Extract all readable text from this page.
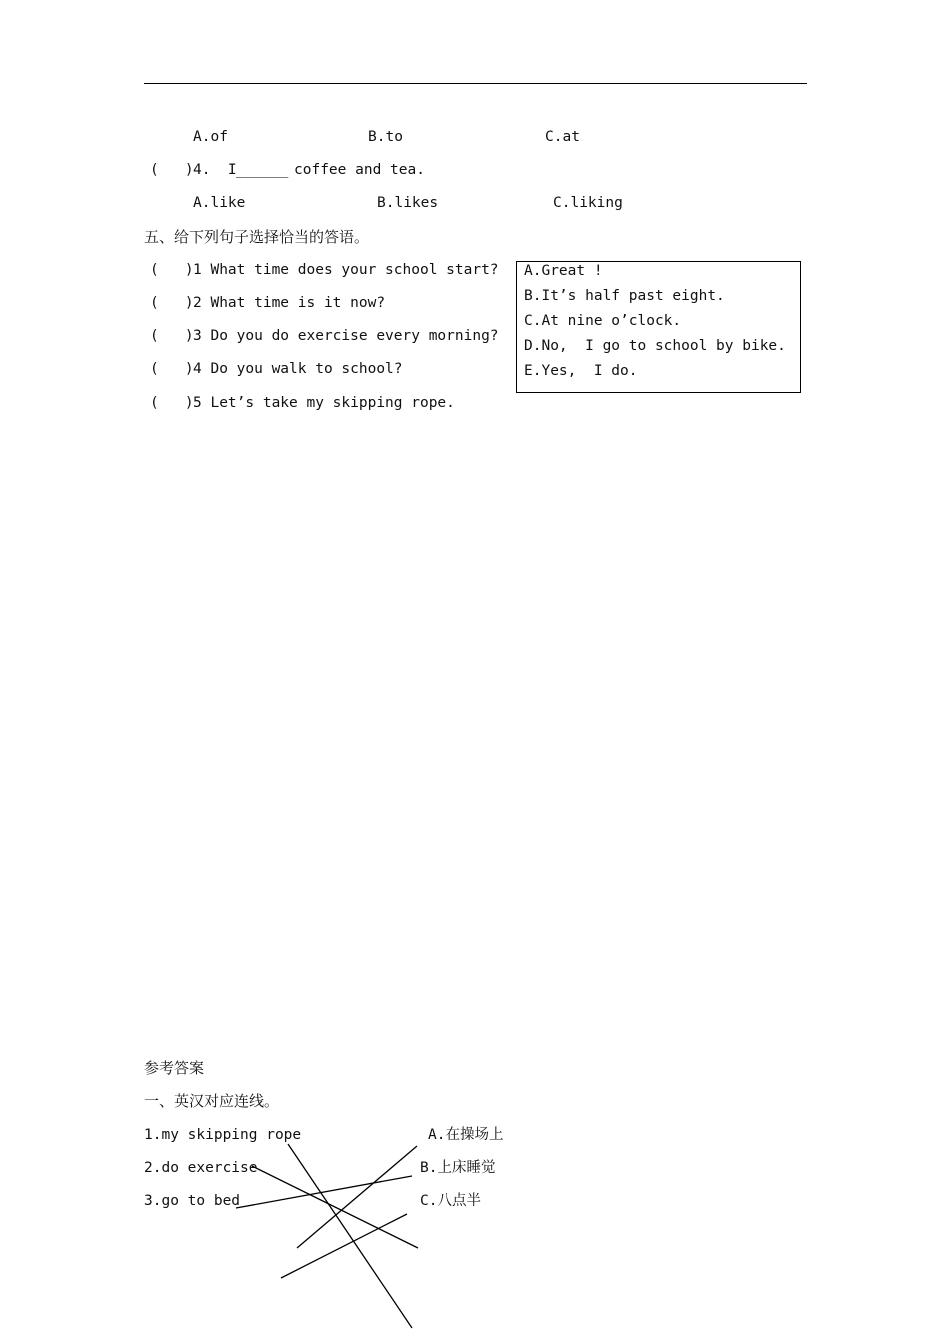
A.of	B.to	C.at
(   ) 4.  I ______ coffee and tea.
A.like	B.likes	C.liking
五、给下列句子选择恰当的答语。
(   ) 1 What time does your school start?
(   ) 2 What time is it now?
(   ) 3 Do you do exercise every morning?
(   ) 4 Do you walk to school?
(   ) 5 Let’s take my skipping rope.
A.Great !
B.It’s half past eight.
C.At nine o’clock.
D.No,  I go to school by bike.
E.Yes,  I do.
参考答案
一、英汉对应连线。
1.my skipping rope
2.do exercise
3.go to bed
A.在操场上
B.上床睡觉
C.八点半
